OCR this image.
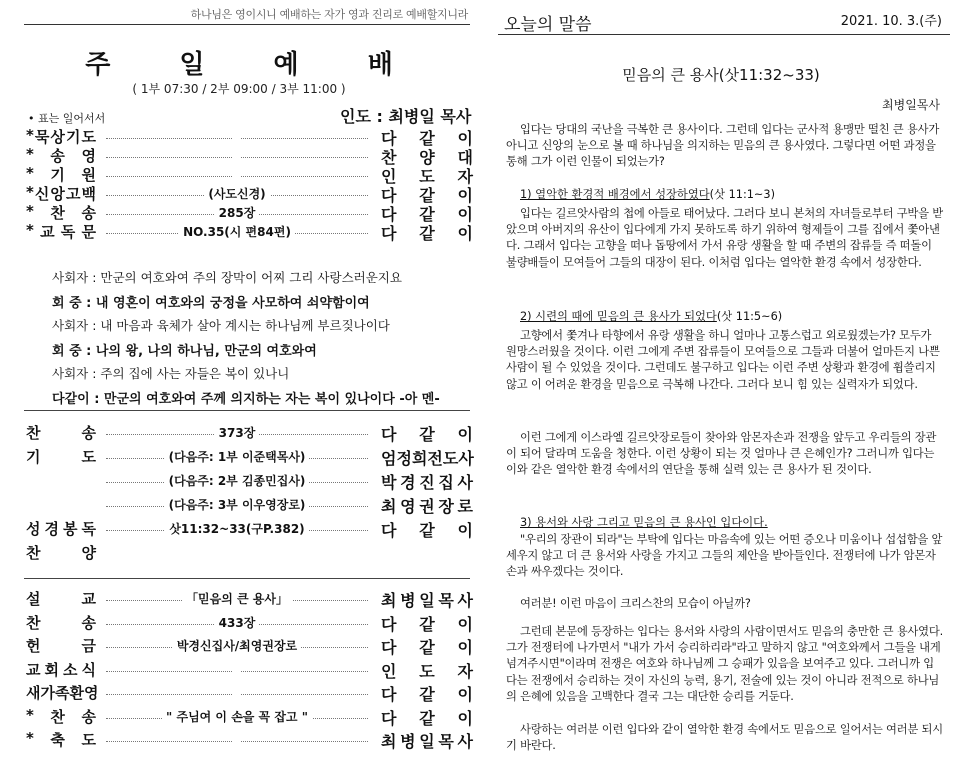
하나님은 영이시니 예배하는 자가 영과 진리로 예배할지니라
주 일 예 배
( 1부 07:30 / 2부 09:00 / 3부 11:00 )
• 표는 일어서서	인도 : 최병일 목사
* 묵 상 기 도	다 같 이
* 송 영	찬 양 대
* 기 원	인 도 자
* 신 앙 고 백	(사도신경)	다 같 이
* 찬 송	285장	다 같 이
* 교 독 문	NO.35(시 편84편)	다 같 이
사회자 : 만군의 여호와여 주의 장막이 어찌 그리 사랑스러운지요
회 중 : 내 영혼이 여호와의 궁정을 사모하여 쇠약함이여
사회자 : 내 마음과 육체가 살아 계시는 하나님께 부르짖나이다
회 중 : 나의 왕, 나의 하나님, 만군의 여호와여
사회자 : 주의 집에 사는 자들은 복이 있나니
다같이 : 만군의 여호와여 주께 의지하는 자는 복이 있나이다 -아 멘-
찬	송	373장	다 같 이
기	도	(다음주: 1부 이준택목사)	엄 정 희 전 도 사
(다음주: 2부 김종민집사)	박 경 진 집 사
(다음주: 3부 이우영장로)	최 영 권 장 로
성 경 봉 독	삿11:32~33(구P.382)	다 같 이
찬	양
설	교	「믿음의 큰 용사」	최 병 일 목 사
찬	송	433장	다 같 이
헌	금	박경신집사/최영권장로	다 같 이
교 회 소 식	인 도 자
새 가 족 환 영	다 같 이
* 찬 송	" 주님여 이 손을 꼭 잡고 "	다 같 이
* 축 도	최 병 일 목 사
오늘의 말씀	2021. 10. 3.(주)
믿음의 큰 용사(삿11:32~33)
최병일목사

입다는 당대의 국난을 극복한 큰 용사이다. 그런데 입다는 군사적 용맹만 떨친 큰 용사가 아니고 신앙의 눈으로 볼 때 하나님을 의지하는 믿음의 큰 용사였다. 그렇다면 어떤 과정을 통해 그가 이런 인물이 되었는가?

1) 열악한 환경적 배경에서 성장하였다(삿 11:1~3)

입다는 길르앗사람의 첩에 아들로 태어났다. 그러다 보니 본처의 자녀들로부터 구박을 받았으며 아버지의 유산이 입다에게 가지 못하도록 하기 위하여 형제들이 그를 집에서 쫓아낸다. 그래서 입다는 고향을 떠나 돕땅에서 가서 유랑 생활을 할 때 주변의 잡류들 즉 떠돌이 불량배들이 모여들어 그들의 대장이 된다. 이처럼 입다는 열악한 환경 속에서 성장한다.

2) 시련의 때에 믿음의 큰 용사가 되었다(삿 11:5~6)

고향에서 쫓겨나 타향에서 유랑 생활을 하니 얼마나 고통스럽고 외로웠겠는가? 모두가 원망스러웠을 것이다. 이런 그에게 주변 잡류들이 모여들으로 그들과 더불어 얼마든지 나쁜 사람이 될 수 있었을 것이다. 그런데도 불구하고 입다는 이런 주변 상황과 환경에 휩쓸리지 않고 이 어려운 환경을 믿음으로 극복해 나간다. 그러다 보니 힘 있는 실력자가 되었다.

이런 그에게 이스라엘 길르앗장로들이 찾아와 암몬자손과 전쟁을 앞두고 우리들의 장관이 되어 달라며 도움을 청한다. 이런 상황이 되는 것 얼마나 큰 은혜인가? 그러니까 입다는 이와 같은 열악한 환경 속에서의 연단을 통해 실력 있는 큰 용사가 된 것이다.

3) 용서와 사랑 그리고 믿음의 큰 용사인 입다이다.

"우리의 장관이 되라"는 부탁에 입다는 마음속에 있는 어떤 증오나 미움이나 섭섭함을 앞세우지 않고 더 큰 용서와 사랑을 가지고 그들의 제안을 받아들인다. 전쟁터에 나가 암몬자손과 싸우겠다는 것이다.

여러분! 이런 마음이 크리스찬의 모습이 아닐까?

그런데 본문에 등장하는 입다는 용서와 사랑의 사람이면서도 믿음의 충만한 큰 용사였다. 그가 전쟁터에 나가면서 "내가 가서 승리하리라"라고 말하지 않고 "여호와께서 그들을 내게 넘겨주시면"이라며 전쟁은 여호와 하나님께 그 승패가 있음을 보여주고 있다. 그러니까 입다는 전쟁에서 승리하는 것이 자신의 능력, 용기, 전술에 있는 것이 아니라 전적으로 하나님의 은혜에 있음을 고백한다 결국 그는 대단한 승리를 거둔다.

사랑하는 여러분 이런 입다와 같이 열악한 환경 속에서도 믿음으로 일어서는 여러분 되시기 바란다.
